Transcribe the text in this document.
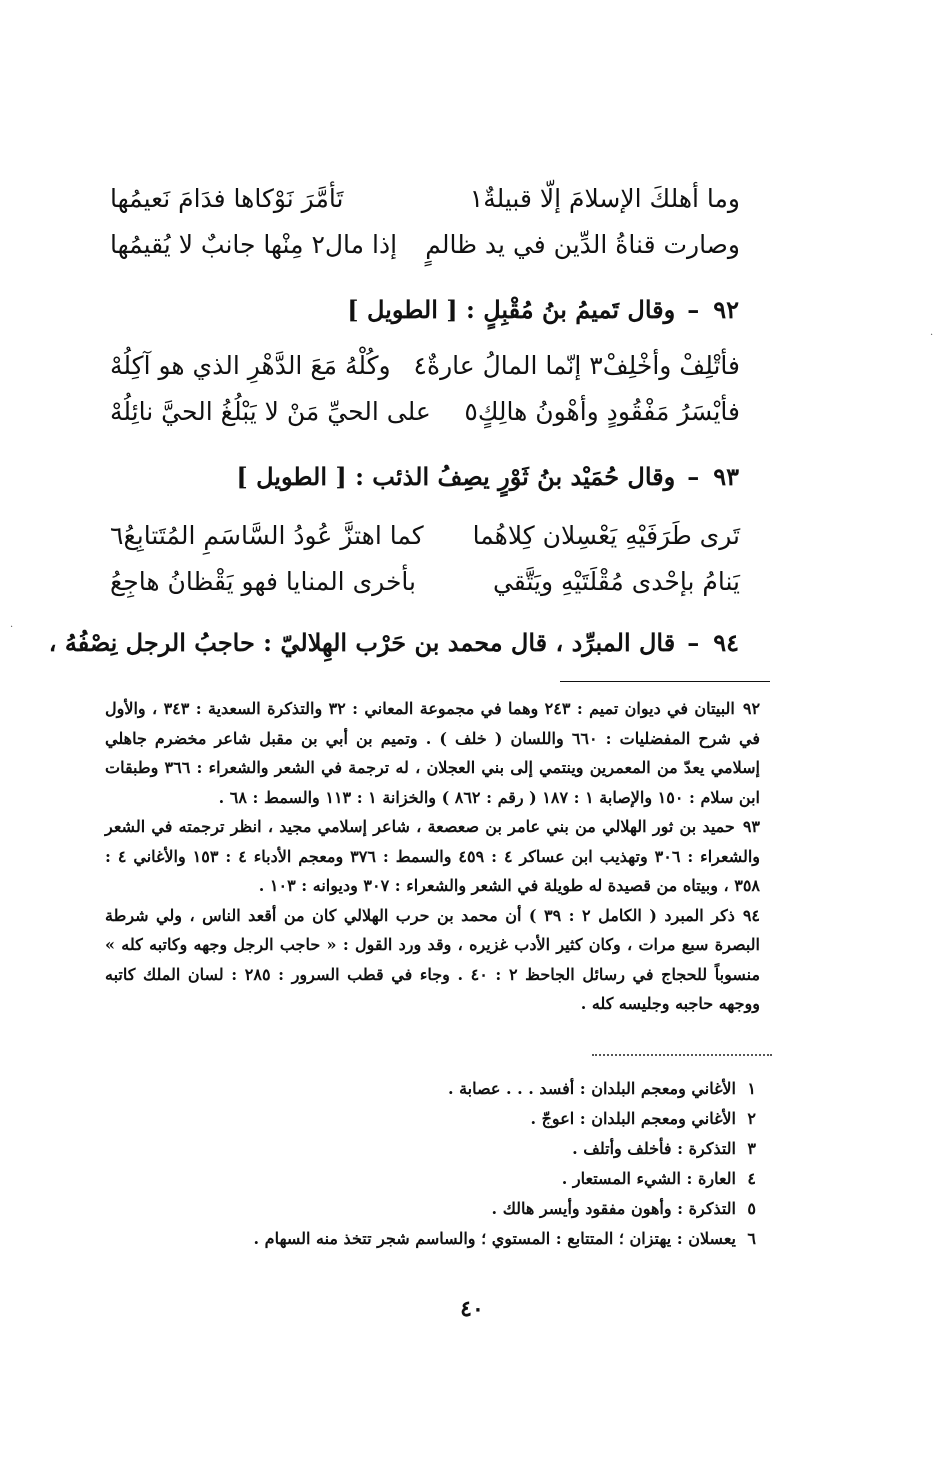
وما أهلكَ الإسلامَ إلّا قبيلةٌ١
تَأمَّرَ نَوْكاها فدَامَ نَعيمُها
وصارت قناةُ الدِّين في يد ظالمٍ
إذا مال٢ مِنْها جانبٌ لا يُقيمُها
٩٢–وقال تَميمُ بنُ مُقْبِلٍ : [ الطويل ]
فأتْلِفْ وأخْلِفْ٣ إنّما المالُ عارةٌ٤
وكُلْهُ مَعَ الدَّهْرِ الذي هو آكِلُهْ
فأيْسَرُ مَفْقُودٍ وأهْونُ هالِكٍ٥
على الحيِّ مَنْ لا يَبْلُغُ الحيَّ نائِلُهْ
٩٣–وقال حُمَيْد بنُ ثَوْرٍ يصِفُ الذئب : [ الطويل ]
تَرى طَرَفَيْهِ يَعْسِلان كِلاهُما
كما اهتزَّ عُودُ السَّاسَمِ المُتَتابِعُ٦
يَنامُ بإحْدى مُقْلَتَيْهِ ويَتَّقي
بأخرى المنايا فهو يَقْظانُ هاجِعُ
٩٤–قال المبرِّد ، قال محمد بن حَرْب الهِلاليّ : حاجبُ الرجل نِصْفُهُ ،

٩٢البيتان في ديوان تميم : ٢٤٣ وهما في مجموعة المعاني : ٣٢ والتذكرة السعدية : ٣٤٣ ، والأول في شرح المفضليات : ٦٦٠ واللسان ( خلف ) . وتميم بن أبي بن مقبل شاعر مخضرم جاهلي إسلامي يعدّ من المعمرين وينتمي إلى بني العجلان ، له ترجمة في الشعر والشعراء : ٣٦٦ وطبقات ابن سلام : ١٥٠ والإصابة ١ : ١٨٧ ( رقم : ٨٦٢ ) والخزانة ١ : ١١٣ والسمط : ٦٨ .

٩٣حميد بن ثور الهلالي من بني عامر بن صعصعة ، شاعر إسلامي مجيد ، انظر ترجمته في الشعر والشعراء : ٣٠٦ وتهذيب ابن عساكر ٤ : ٤٥٩ والسمط : ٣٧٦ ومعجم الأدباء ٤ : ١٥٣ والأغاني ٤ : ٣٥٨ ، وبيتاه من قصيدة له طويلة في الشعر والشعراء : ٣٠٧ وديوانه : ١٠٣ .

٩٤ذكر المبرد ( الكامل ٢ : ٣٩ ) أن محمد بن حرب الهلالي كان من أقعد الناس ، ولي شرطة البصرة سبع مرات ، وكان كثير الأدب غزيره ، وقد ورد القول : « حاجب الرجل وجهه وكاتبه كله » منسوباً للحجاج في رسائل الجاحظ ٢ : ٤٠ . وجاء في قطب السرور : ٢٨٥ : لسان الملك كاتبه ووجهه حاجبه وجليسه كله .

١الأغاني ومعجم البلدان : أفسد . . . عصابة .
٢الأغاني ومعجم البلدان : اعوجّ .
٣التذكرة : فأخلف وأتلف .
٤العارة : الشيء المستعار .
٥التذكرة : وأهون مفقود وأيسر هالك .
٦يعسلان : يهتزان ؛ المتتابع : المستوي ؛ والساسم شجر تتخذ منه السهام .
٤٠
·
·
